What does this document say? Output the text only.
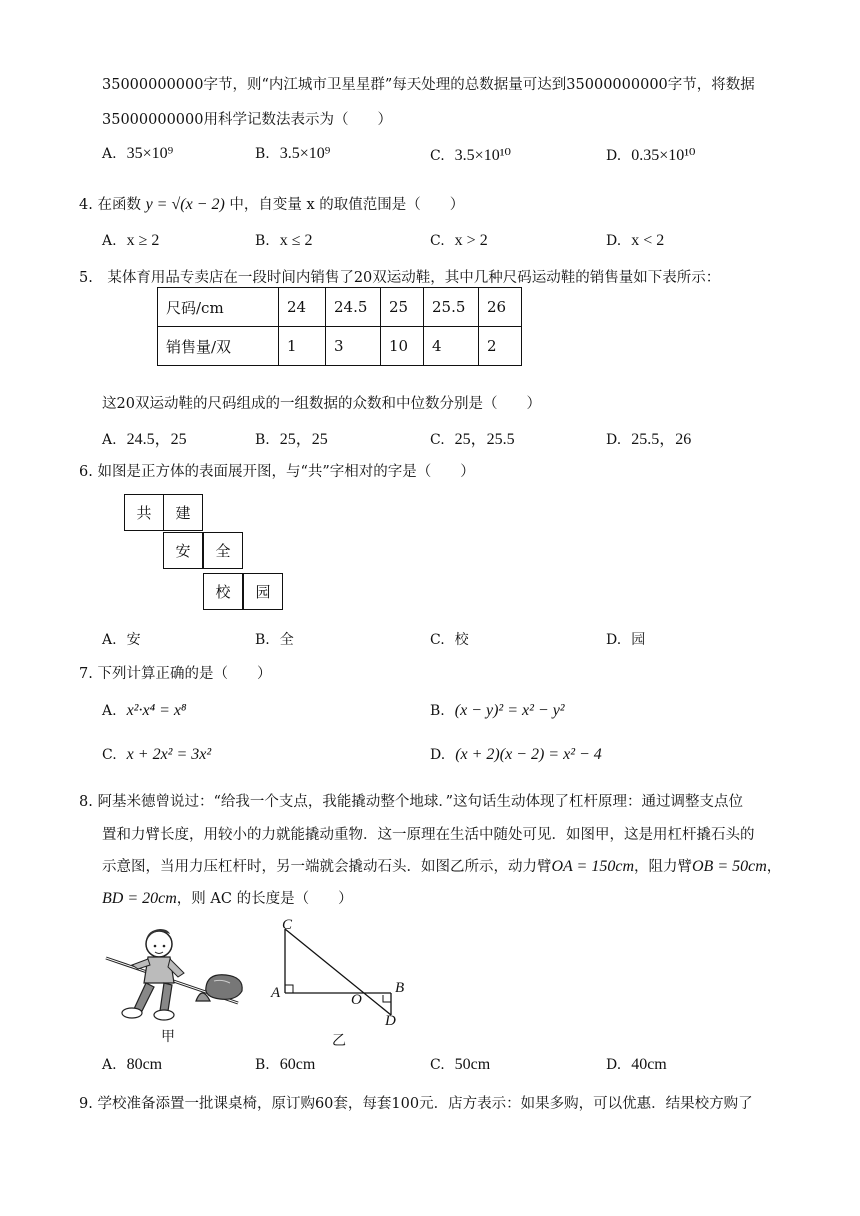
35000000000字节，则“内江城市卫星星群”每天处理的总数据量可达到35000000000字节，将数据
35000000000用科学记数法表示为（　　）
A. 35×10⁹	B. 3.5×10⁹	C. 3.5×10¹⁰	D. 0.35×10¹⁰
4. 在函数 y = √(x − 2) 中，自变量 x 的取值范围是（　　）
A. x ≥ 2	B. x ≤ 2	C. x > 2	D. x < 2
5.　某体育用品专卖店在一段时间内销售了20双运动鞋，其中几种尺码运动鞋的销售量如下表所示：
尺码/cm	24	24.5	25	25.5	26
销售量/双	1	3	10	4	2
这20双运动鞋的尺码组成的一组数据的众数和中位数分别是（　　）
A. 24.5，25	B. 25，25	C. 25，25.5	D. 25.5，26
6. 如图是正方体的表面展开图，与“共”字相对的字是（　　）
共	建
安	全
校	园
A. 安	B. 全	C. 校	D. 园
7. 下列计算正确的是（　　）
A. x²·x⁴ = x⁸	B. (x − y)² = x² − y²
C. x + 2x² = 3x²	D. (x + 2)(x − 2) = x² − 4
8. 阿基米德曾说过：“给我一个支点，我能撬动整个地球．”这句话生动体现了杠杆原理：通过调整支点位
置和力臂长度，用较小的力就能撬动重物．这一原理在生活中随处可见．如图甲，这是用杠杆撬石头的
示意图，当用力压杠杆时，另一端就会撬动石头．如图乙所示，动力臂OA = 150cm，阻力臂OB = 50cm，
BD = 20cm，则 AC 的长度是（　　）
甲
C
A	O
B
D
乙
A. 80cm	B. 60cm	C. 50cm	D. 40cm
9. 学校准备添置一批课桌椅，原订购60套，每套100元．店方表示：如果多购，可以优惠．结果校方购了
